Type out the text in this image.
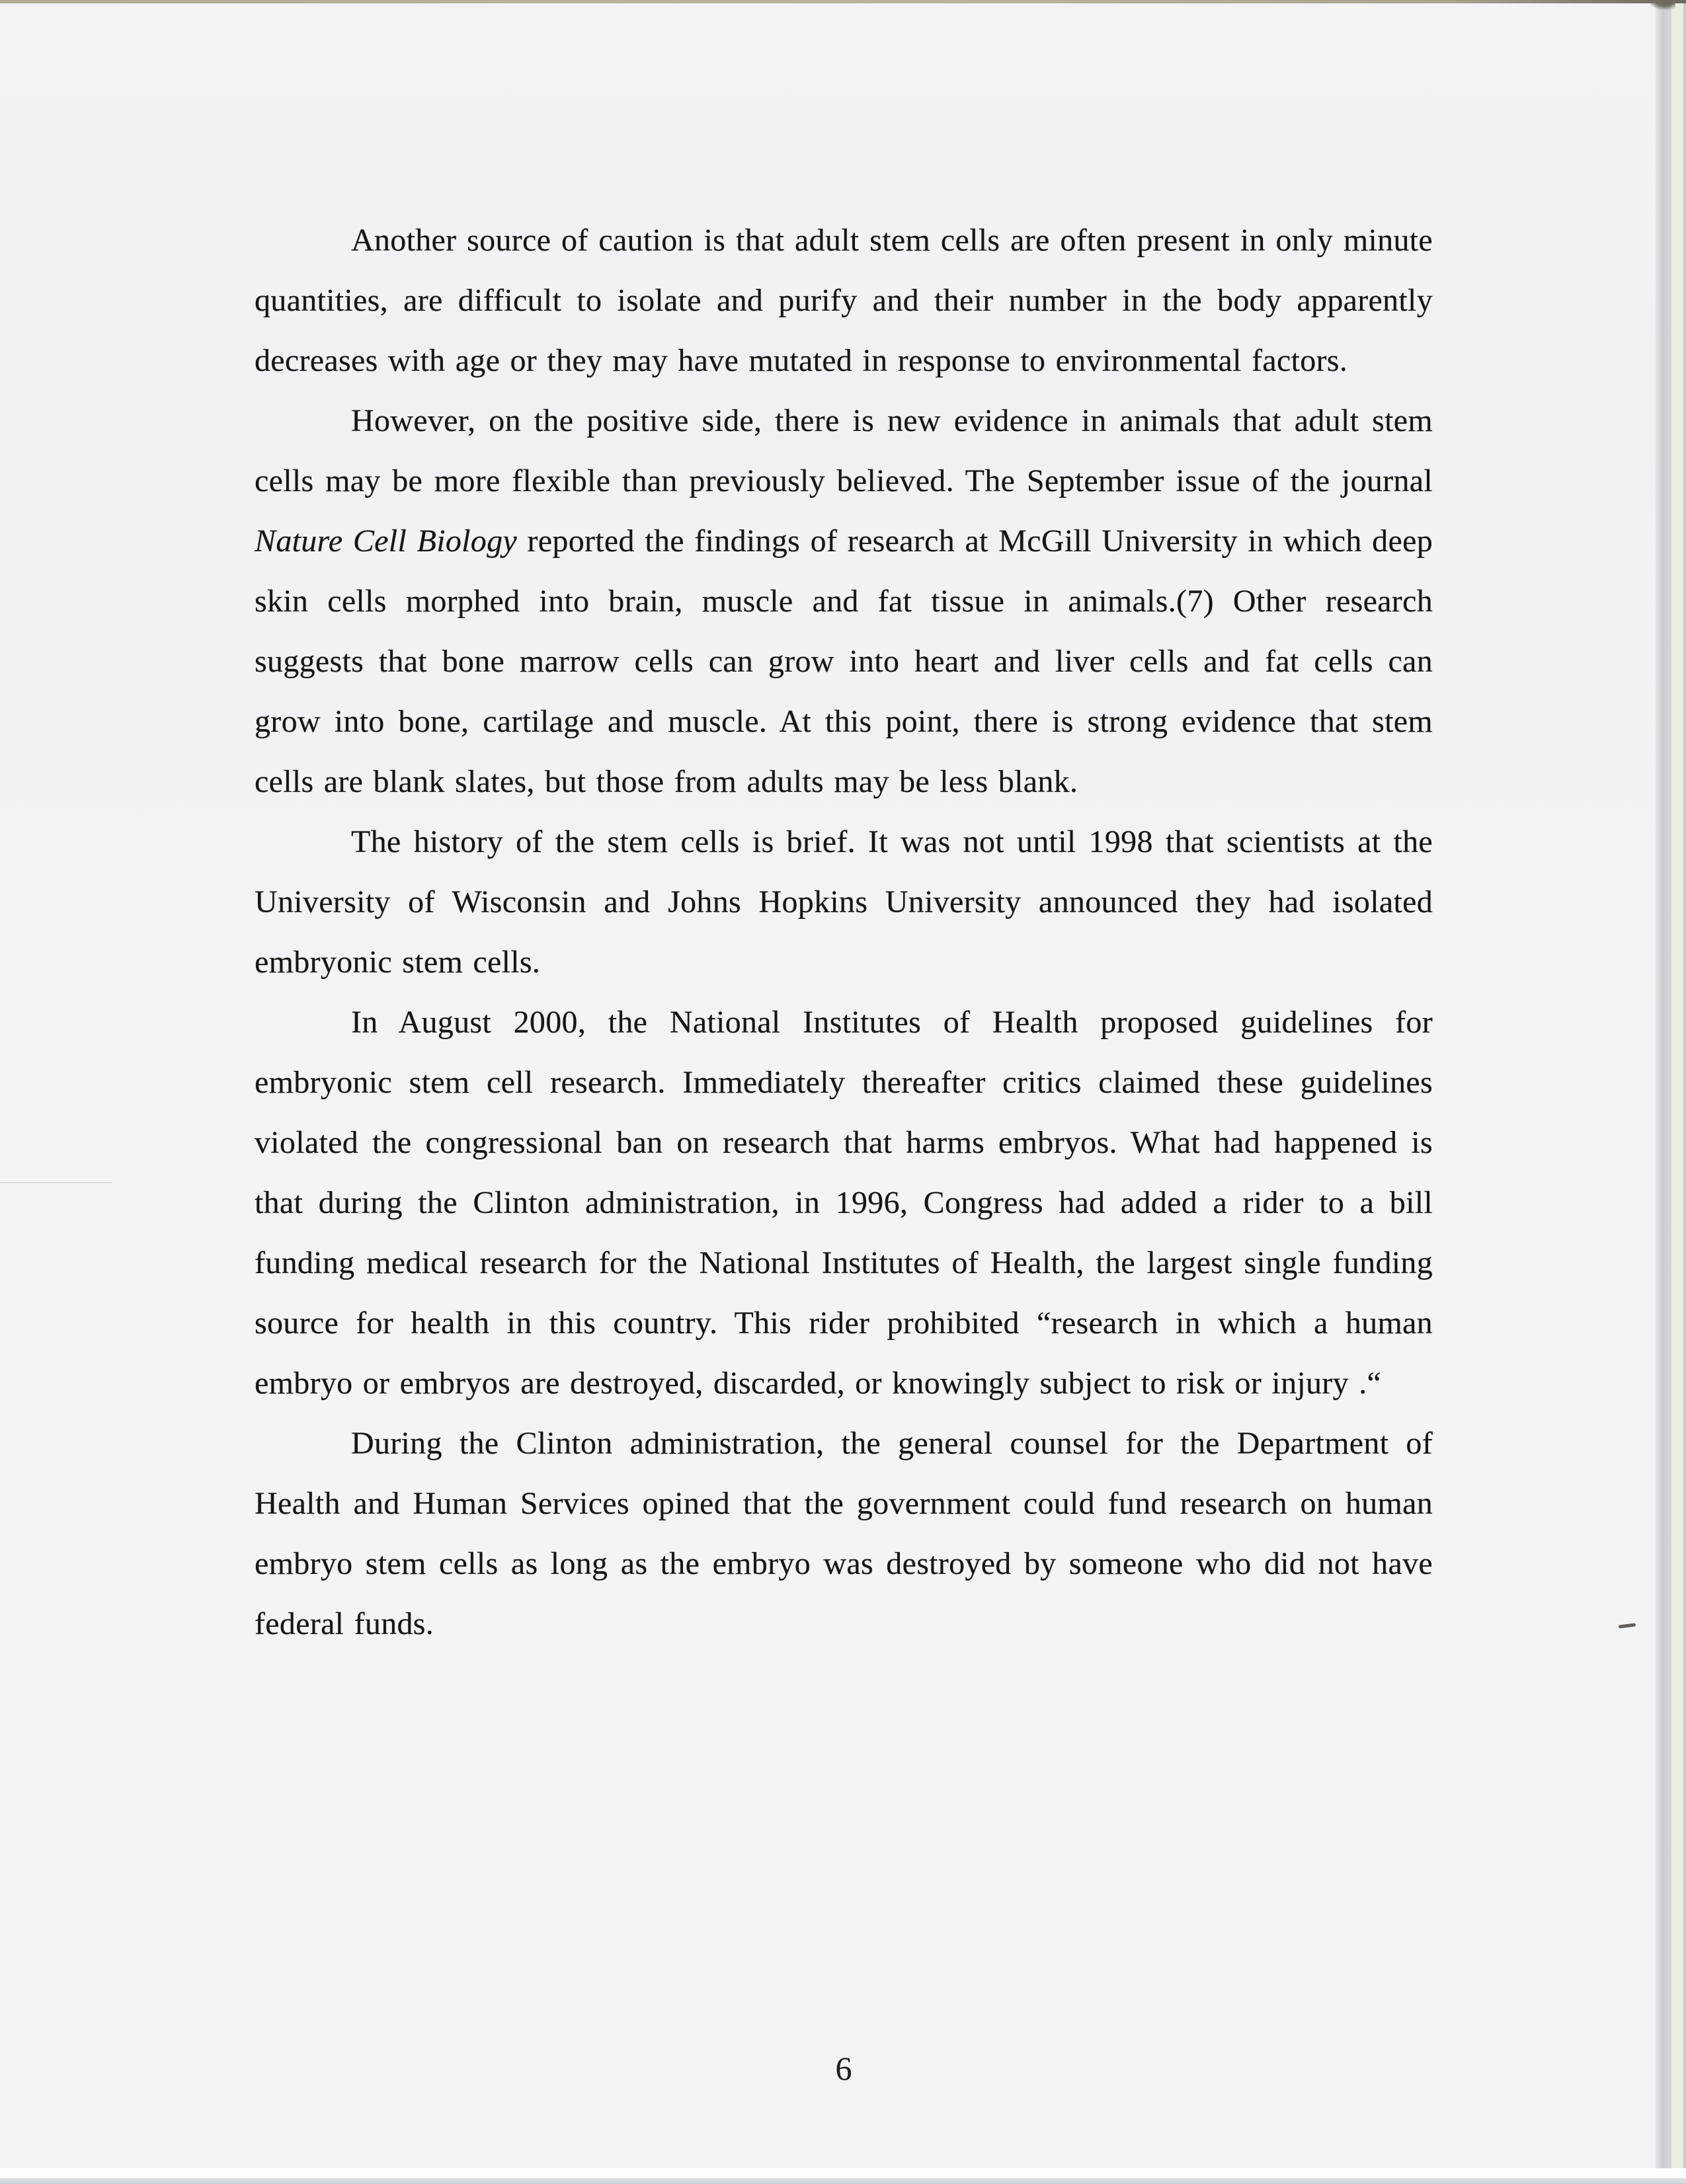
Another source of caution is that adult stem cells are often present in only minute quantities, are difficult to isolate and purify and their number in the body apparently decreases with age or they may have mutated in response to environmental factors.

However, on the positive side, there is new evidence in animals that adult stem cells may be more flexible than previously believed. The September issue of the journal Nature Cell Biology reported the findings of research at McGill University in which deep skin cells morphed into brain, muscle and fat tissue in animals.(7) Other research suggests that bone marrow cells can grow into heart and liver cells and fat cells can grow into bone, cartilage and muscle. At this point, there is strong evidence that stem cells are blank slates, but those from adults may be less blank.

The history of the stem cells is brief. It was not until 1998 that scientists at the University of Wisconsin and Johns Hopkins University announced they had isolated embryonic stem cells.

In August 2000, the National Institutes of Health proposed guidelines for embryonic stem cell research. Immediately thereafter critics claimed these guidelines violated the congressional ban on research that harms embryos. What had happened is that during the Clinton administration, in 1996, Congress had added a rider to a bill funding medical research for the National Institutes of Health, the largest single funding source for health in this country. This rider prohibited “research in which a human embryo or embryos are destroyed, discarded, or knowingly subject to risk or injury .“

During the Clinton administration, the general counsel for the Department of Health and Human Services opined that the government could fund research on human embryo stem cells as long as the embryo was destroyed by someone who did not have federal funds.

6
